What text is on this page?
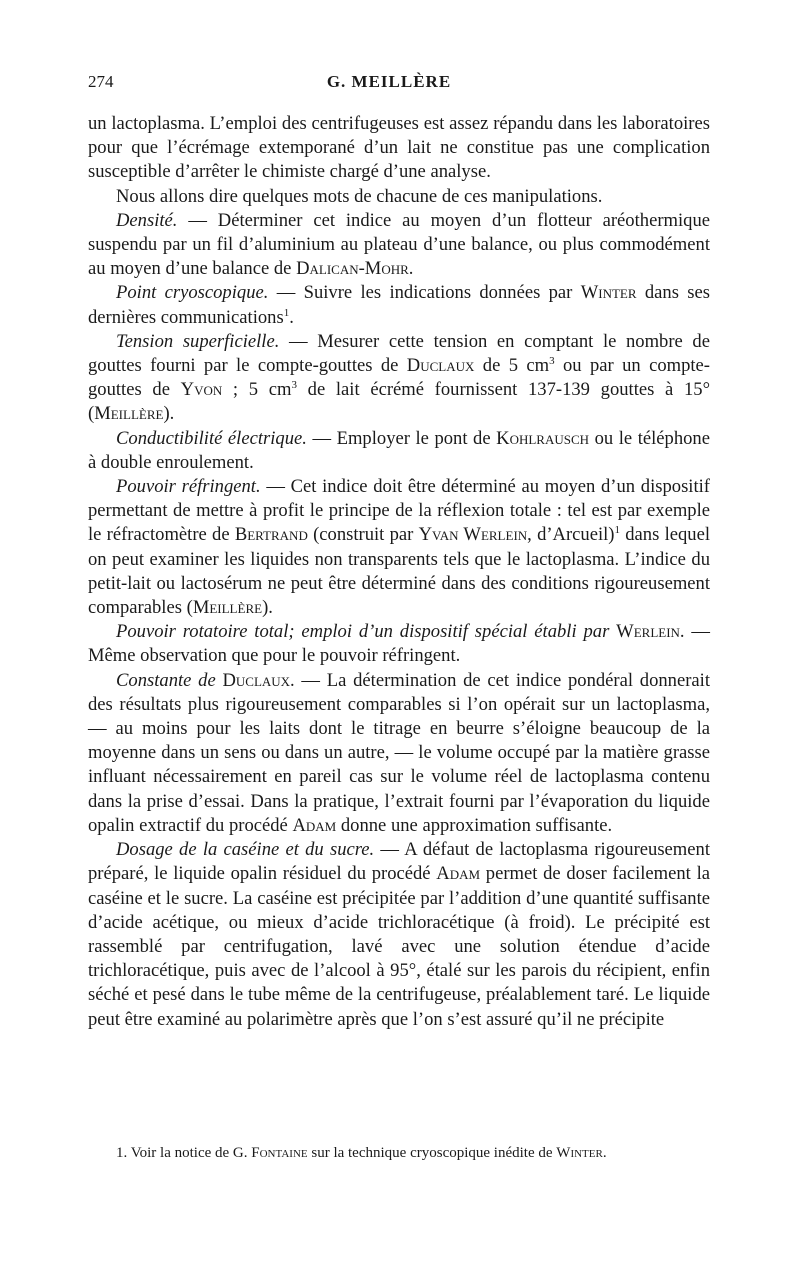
274	G. MEILLÈRE

un lactoplasma. L’emploi des centrifugeuses est assez répandu dans les laboratoires pour que l’écrémage extemporané d’un lait ne constitue pas une complication susceptible d’arrêter le chimiste chargé d’une analyse.

Nous allons dire quelques mots de chacune de ces manipulations.

Densité. — Déterminer cet indice au moyen d’un flotteur aréothermique suspendu par un fil d’aluminium au plateau d’une balance, ou plus commodément au moyen d’une balance de Dalican-Mohr.

Point cryoscopique. — Suivre les indications données par Winter dans ses dernières communications$^1$.

Tension superficielle. — Mesurer cette tension en comptant le nombre de gouttes fourni par le compte-gouttes de Duclaux de 5 $cm^3$ ou par un compte-gouttes de Yvon ; 5 $cm^3$ de lait écrémé fournissent 137-139 gouttes à 15° (Meillère).

Conductibilité électrique. — Employer le pont de Kohlrausch ou le téléphone à double enroulement.

Pouvoir réfringent. — Cet indice doit être déterminé au moyen d’un dispositif permettant de mettre à profit le principe de la réflexion totale : tel est par exemple le réfractomètre de Bertrand (construit par Yvan Werlein, d’Arcueil)$^1$ dans lequel on peut examiner les liquides non transparents tels que le lactoplasma. L’indice du petit-lait ou lactosérum ne peut être déterminé dans des conditions rigoureusement comparables (Meillère).

Pouvoir rotatoire total; emploi d’un dispositif spécial établi par Werlein. — Même observation que pour le pouvoir réfringent.

Constante de Duclaux. — La détermination de cet indice pondéral donnerait des résultats plus rigoureusement comparables si l’on opérait sur un lactoplasma, — au moins pour les laits dont le titrage en beurre s’éloigne beaucoup de la moyenne dans un sens ou dans un autre, — le volume occupé par la matière grasse influant nécessairement en pareil cas sur le volume réel de lactoplasma contenu dans la prise d’essai. Dans la pratique, l’extrait fourni par l’évaporation du liquide opalin extractif du procédé Adam donne une approximation suffisante.

Dosage de la caséine et du sucre. — A défaut de lactoplasma rigoureusement préparé, le liquide opalin résiduel du procédé Adam permet de doser facilement la caséine et le sucre. La caséine est précipitée par l’addition d’une quantité suffisante d’acide acétique, ou mieux d’acide trichloracétique (à froid). Le précipité est rassemblé par centrifugation, lavé avec une solution étendue d’acide trichloracétique, puis avec de l’alcool à 95°, étalé sur les parois du récipient, enfin séché et pesé dans le tube même de la centrifugeuse, préalablement taré. Le liquide peut être examiné au polarimètre après que l’on s’est assuré qu’il ne précipite

1. Voir la notice de G. Fontaine sur la technique cryoscopique inédite de Winter.
